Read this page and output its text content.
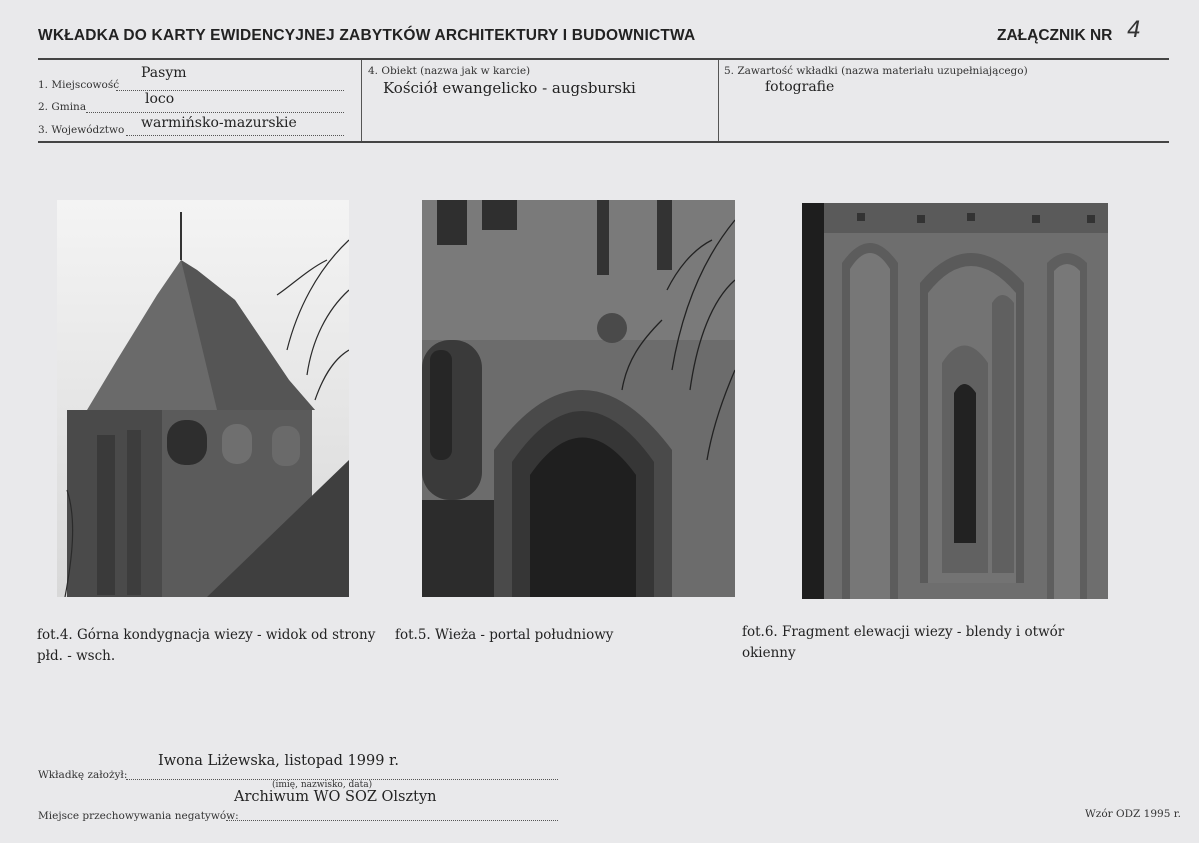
WKŁADKA DO KARTY EWIDENCYJNEJ ZABYTKÓW ARCHITEKTURY I BUDOWNICTWA	ZAŁĄCZNIK NR 4
1. Miejscowość
Pasym
2. Gmina	loco
3. Województwo warmińsko-mazurskie
4. Obiekt (nazwa jak w karcie)
Kościół ewangelicko - augsburski
5. Zawartość wkładki (nazwa materiału uzupełniającego)
fotografie
fot.4. Górna kondygnacja wiezy - widok od strony płd. - wsch.
fot.5. Wieża - portal południowy	fot.6. Fragment elewacji wiezy - blendy i otwór okienny
Iwona Liżewska, listopad 1999 r.
Wkładkę założył:
(imię, nazwisko, data)
Archiwum WO SOZ Olsztyn
Miejsce przechowywania negatywów:	Wzór ODZ 1995 r.
